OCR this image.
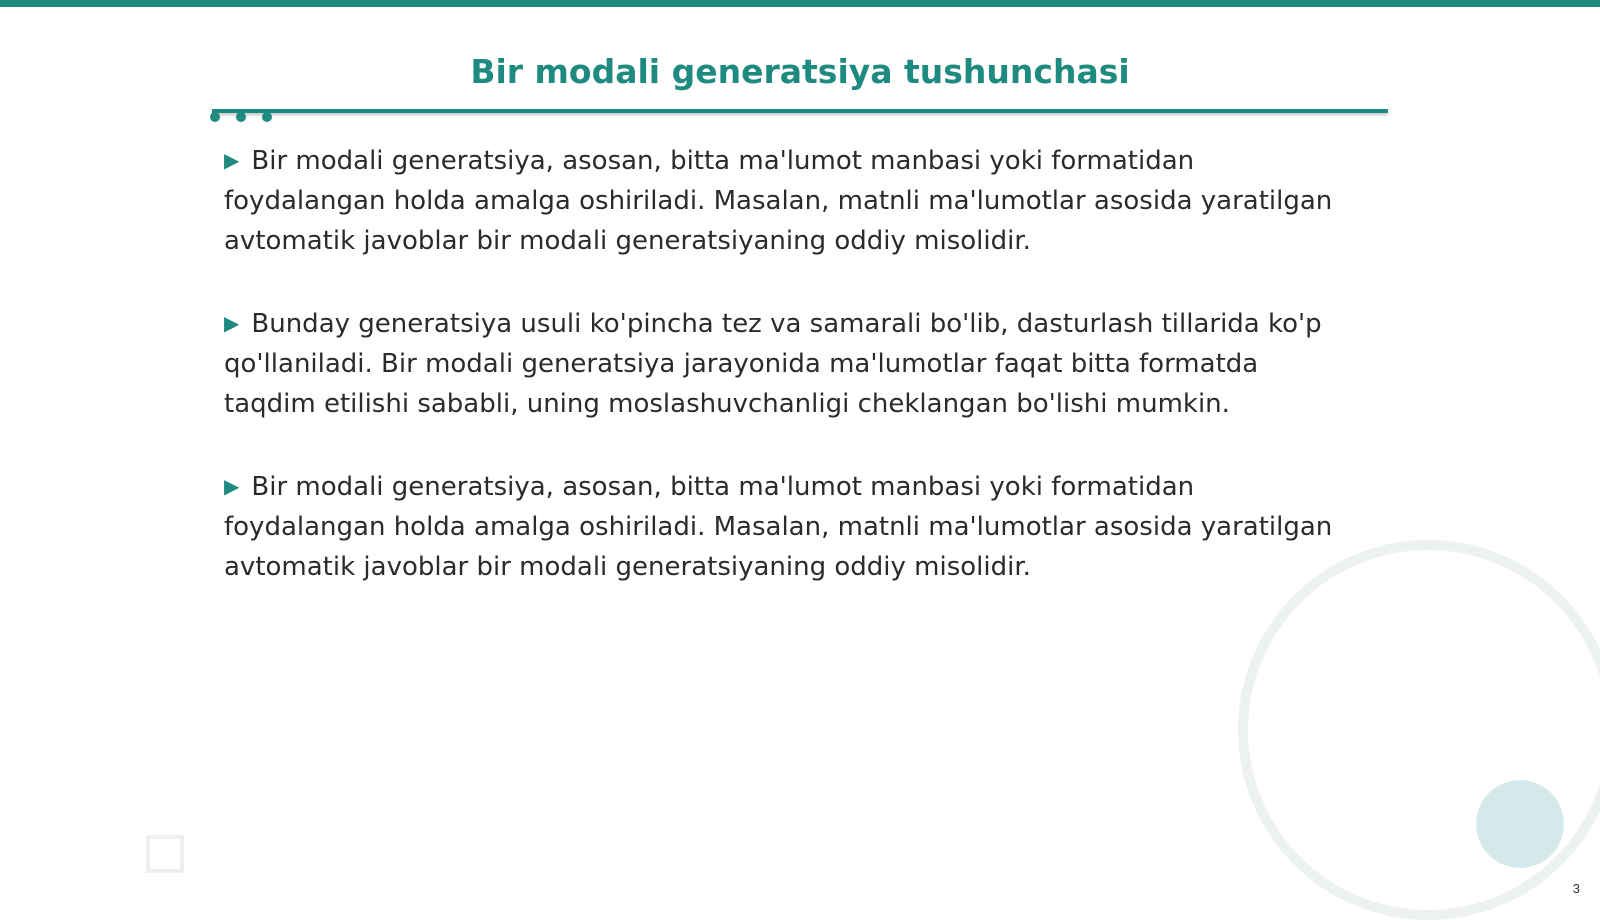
Bir modali generatsiya tushunchasi

▶ Bir modali generatsiya, asosan, bitta ma'lumot manbasi yoki formatidan
foydalangan holda amalga oshiriladi. Masalan, matnli ma'lumotlar asosida yaratilgan
avtomatik javoblar bir modali generatsiyaning oddiy misolidir.

▶ Bunday generatsiya usuli ko'pincha tez va samarali bo'lib, dasturlash tillarida ko'p
qo'llaniladi. Bir modali generatsiya jarayonida ma'lumotlar faqat bitta formatda
taqdim etilishi sababli, uning moslashuvchanligi cheklangan bo'lishi mumkin.

▶ Bir modali generatsiya, asosan, bitta ma'lumot manbasi yoki formatidan
foydalangan holda amalga oshiriladi. Masalan, matnli ma'lumotlar asosida yaratilgan
avtomatik javoblar bir modali generatsiyaning oddiy misolidir.

3
